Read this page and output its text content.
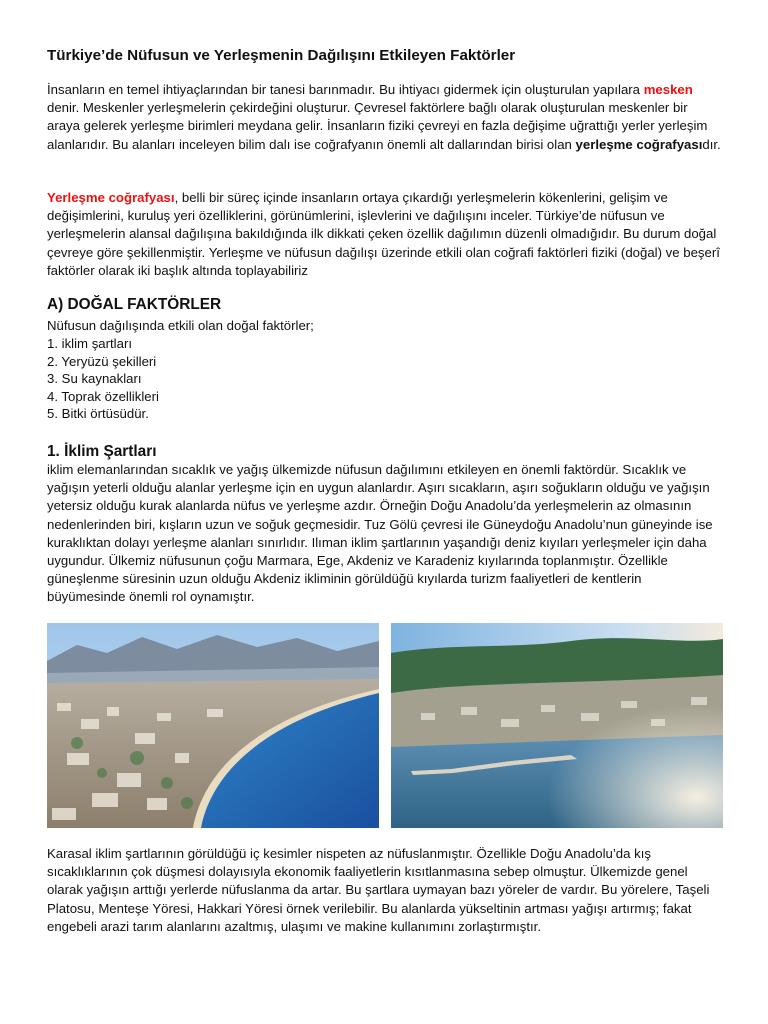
Türkiye’de Nüfusun ve Yerleşmenin Dağılışını Etkileyen Faktörler

İnsanların en temel ihtiyaçlarından bir tanesi barınmadır. Bu ihtiyacı gidermek için oluşturulan yapılara mesken denir. Meskenler yerleşmelerin çekirdeğini oluşturur. Çevresel faktörlere bağlı olarak oluşturulan meskenler bir araya gelerek yerleşme birimleri meydana gelir. İnsanların fiziki çevreyi en fazla değişime uğrattığı yerler yerleşim alanlarıdır. Bu alanları inceleyen bilim dalı ise coğrafyanın önemli alt dallarından birisi olan yerleşme coğrafyasıdır.

Yerleşme coğrafyası, belli bir süreç içinde insanların ortaya çıkardığı yerleşmelerin kökenlerini, gelişim ve değişimlerini, kuruluş yeri özelliklerini, görünümlerini, işlevlerini ve dağılışını inceler. Türkiye’de nüfusun ve yerleşmelerin alansal dağılışına bakıldığında ilk dikkati çeken özellik dağılımın düzenli olmadığıdır. Bu durum doğal çevreye göre şekillenmiştir. Yerleşme ve nüfusun dağılışı üzerinde etkili olan coğrafi faktörleri fiziki (doğal) ve beşerî faktörler olarak iki başlık altında toplayabiliriz

A) DOĞAL FAKTÖRLER
Nüfusun dağılışında etkili olan doğal faktörler;
1. iklim şartları
2. Yeryüzü şekilleri
3. Su kaynakları
4. Toprak özellikleri
5. Bitki örtüsüdür.
1. İklim Şartları

iklim elemanlarından sıcaklık ve yağış ülkemizde nüfusun dağılımını etkileyen en önemli faktördür. Sıcaklık ve yağışın yeterli olduğu alanlar yerleşme için en uygun alanlardır. Aşırı sıcakların, aşırı soğukların olduğu ve yağışın yetersiz olduğu kurak alanlarda nüfus ve yerleşme azdır. Örneğin Doğu Anadolu’da yerleşmelerin az olmasının nedenlerinden biri, kışların uzun ve soğuk geçmesidir. Tuz Gölü çevresi ile Güneydoğu Anadolu’nun güneyinde ise kuraklıktan dolayı yerleşme alanları sınırlıdır. Ilıman iklim şartlarının yaşandığı deniz kıyıları yerleşmeler için daha uygundur. Ülkemiz nüfusunun çoğu Marmara, Ege, Akdeniz ve Karadeniz kıyılarında toplanmıştır. Özellikle güneşlenme süresinin uzun olduğu Akdeniz ikliminin görüldüğü kıyılarda turizm faaliyetleri de kentlerin büyümesinde önemli rol oynamıştır.

Karasal iklim şartlarının görüldüğü iç kesimler nispeten az nüfuslanmıştır. Özellikle Doğu Anadolu’da kış sıcaklıklarının çok düşmesi dolayısıyla ekonomik faaliyetlerin kısıtlanmasına sebep olmuştur. Ülkemizde genel olarak yağışın arttığı yerlerde nüfuslanma da artar. Bu şartlara uymayan bazı yöreler de vardır. Bu yörelere, Taşeli Platosu, Menteşe Yöresi, Hakkari Yöresi örnek verilebilir. Bu alanlarda yükseltinin artması yağışı artırmış; fakat engebeli arazi tarım alanlarını azaltmış, ulaşımı ve makine kullanımını zorlaştırmıştır.
